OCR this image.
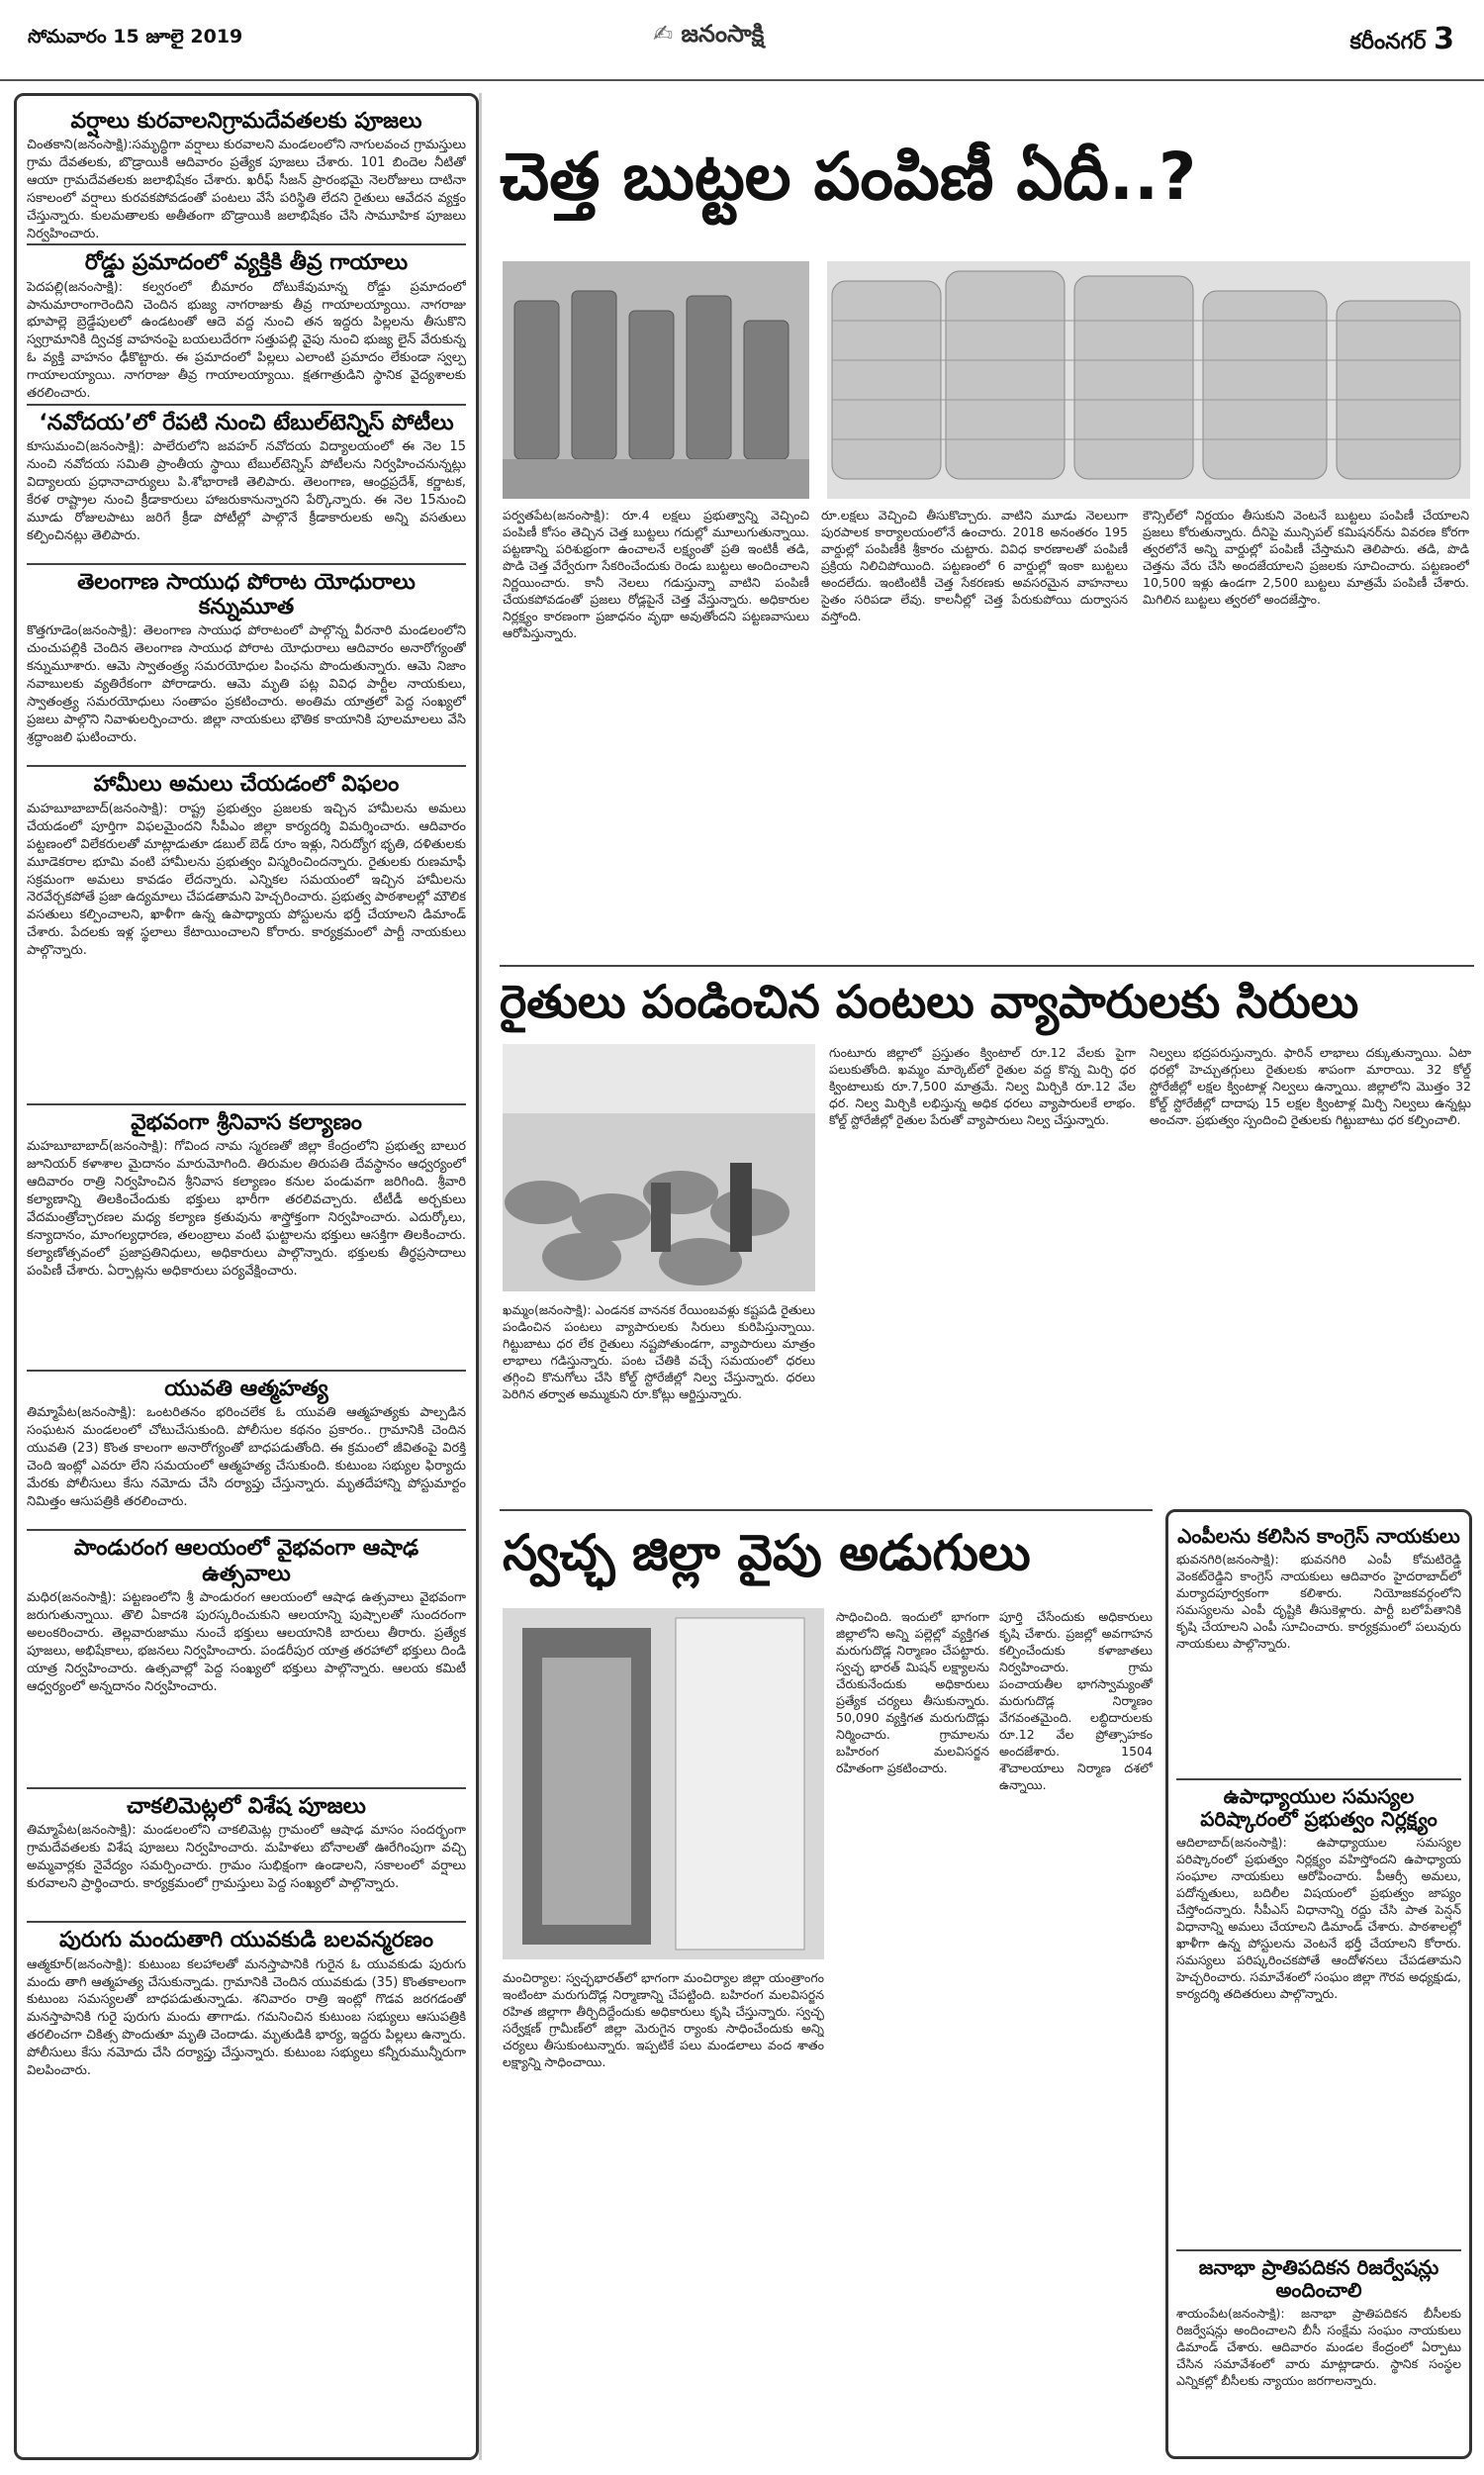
సోమవారం 15 జూలై 2019
✍	జనంసాక్షి	కరీంనగర్ 3
వర్షాలు కురవాలనిగ్రామదేవతలకు పూజలు
చింతకాని(జనంసాక్షి):సమృద్ధిగా వర్షాలు కురవాలని మండలంలోని నాగులవంచ గ్రామస్తులు గ్రామ దేవతలకు, బొడ్రాయికి ఆదివారం ప్రత్యేక పూజలు చేశారు. 101 బిందెల నీటితో ఆయా గ్రామదేవతలకు జలాభిషేకం చేశారు. ఖరీఫ్ సీజన్ ప్రారంభమై నెలరోజులు దాటినా సకాలంలో వర్షాలు కురవకపోవడంతో పంటలు వేసే పరిస్థితి లేదని రైతులు ఆవేదన వ్యక్తం చేస్తున్నారు. కులమతాలకు అతీతంగా బొడ్రాయికి జలాభిషేకం చేసి సామూహిక పూజలు నిర్వహించారు.
రోడ్డు ప్రమాదంలో వ్యక్తికి తీవ్ర గాయాలు
పెదపల్లి(జనంసాక్షి): కల్వరంలో బీమారం దోటుకేవుమాన్న రోడ్డు ప్రమాదంలో పానుమారాంగారెందిని చెందిన భుజ్య నాగరాజుకు తీవ్ర గాయాలయ్యాయి. నాగరాజు భూపాల్లె బ్రెడ్డేపులలో ఉండటంతో ఆదె వద్ద నుంచి తన ఇద్దరు పిల్లలను తీసుకొని స్వగ్రామానికి ద్విచక్ర వాహనంపై బయలుదేరగా సత్తుపల్లి వైపు నుంచి భుజ్య లైన్ వేరుకున్న ఓ వ్యక్తి వాహనం ఢీకొట్టారు. ఈ ప్రమాదంలో పిల్లలు ఎలాంటి ప్రమాదం లేకుండా స్వల్ప గాయాలయ్యాయి. నాగరాజు తీవ్ర గాయాలయ్యాయి. క్షతగాత్రుడిని స్థానిక వైద్యశాలకు తరలించారు.
‘నవోదయ’లో రేపటి నుంచి టేబుల్‌టెన్నిస్ పోటీలు
కూసుమంచి(జనంసాక్షి): పాలేరులోని జవహర్ నవోదయ విద్యాలయంలో ఈ నెల 15 నుంచి నవోదయ సమితి ప్రాంతీయ స్థాయి టేబుల్‌టెన్నిస్ పోటీలను నిర్వహించనున్నట్లు విద్యాలయ ప్రధానాచార్యులు పి.శోభారాణి తెలిపారు. తెలంగాణ, ఆంధ్రప్రదేశ్, కర్ణాటక, కేరళ రాష్ట్రాల నుంచి క్రీడాకారులు హాజరుకానున్నారని పేర్కొన్నారు. ఈ నెల 15నుంచి మూడు రోజులపాటు జరిగే క్రీడా పోటీల్లో పాల్గొనే క్రీడాకారులకు అన్ని వసతులు కల్పించినట్లు తెలిపారు.
తెలంగాణ సాయుధ పోరాట యోధురాలు కన్నుమూత
కొత్తగూడెం(జనంసాక్షి): తెలంగాణ సాయుధ పోరాటంలో పాల్గొన్న వీరనారి మండలంలోని చుంచుపల్లికి చెందిన తెలంగాణ సాయుధ పోరాట యోధురాలు ఆదివారం అనారోగ్యంతో కన్నుమూశారు. ఆమె స్వాతంత్ర్య సమరయోధుల పింఛను పొందుతున్నారు. ఆమె నిజాం నవాబులకు వ్యతిరేకంగా పోరాడారు. ఆమె మృతి పట్ల వివిధ పార్టీల నాయకులు, స్వాతంత్ర్య సమరయోధులు సంతాపం ప్రకటించారు. అంతిమ యాత్రలో పెద్ద సంఖ్యలో ప్రజలు పాల్గొని నివాళులర్పించారు. జిల్లా నాయకులు భౌతిక కాయానికి పూలమాలలు వేసి శ్రద్ధాంజలి ఘటించారు.
హామీలు అమలు చేయడంలో విఫలం
మహబూబాబాద్(జనంసాక్షి): రాష్ట్ర ప్రభుత్వం ప్రజలకు ఇచ్చిన హామీలను అమలు చేయడంలో పూర్తిగా విఫలమైందని సీపీఎం జిల్లా కార్యదర్శి విమర్శించారు. ఆదివారం పట్టణంలో విలేకరులతో మాట్లాడుతూ డబుల్ బెడ్ రూం ఇళ్లు, నిరుద్యోగ భృతి, దళితులకు మూడెకరాల భూమి వంటి హామీలను ప్రభుత్వం విస్మరించిందన్నారు. రైతులకు రుణమాఫీ సక్రమంగా అమలు కావడం లేదన్నారు. ఎన్నికల సమయంలో ఇచ్చిన హామీలను నెరవేర్చకపోతే ప్రజా ఉద్యమాలు చేపడతామని హెచ్చరించారు. ప్రభుత్వ పాఠశాలల్లో మౌలిక వసతులు కల్పించాలని, ఖాళీగా ఉన్న ఉపాధ్యాయ పోస్టులను భర్తీ చేయాలని డిమాండ్ చేశారు. పేదలకు ఇళ్ల స్థలాలు కేటాయించాలని కోరారు. కార్యక్రమంలో పార్టీ నాయకులు పాల్గొన్నారు.
వైభవంగా శ్రీనివాస కల్యాణం
మహబూబాబాద్(జనంసాక్షి): గోవింద నామ స్మరణతో జిల్లా కేంద్రంలోని ప్రభుత్వ బాలుర జూనియర్ కళాశాల మైదానం మారుమోగింది. తిరుమల తిరుపతి దేవస్థానం ఆధ్వర్యంలో ఆదివారం రాత్రి నిర్వహించిన శ్రీనివాస కల్యాణం కనుల పండువగా జరిగింది. శ్రీవారి కల్యాణాన్ని తిలకించేందుకు భక్తులు భారీగా తరలివచ్చారు. టీటీడీ అర్చకులు వేదమంత్రోచ్ఛారణల మధ్య కల్యాణ క్రతువును శాస్త్రోక్తంగా నిర్వహించారు. ఎదుర్కోలు, కన్యాదానం, మాంగల్యధారణ, తలంబ్రాలు వంటి ఘట్టాలను భక్తులు ఆసక్తిగా తిలకించారు. కల్యాణోత్సవంలో ప్రజాప్రతినిధులు, అధికారులు పాల్గొన్నారు. భక్తులకు తీర్థప్రసాదాలు పంపిణీ చేశారు. ఏర్పాట్లను అధికారులు పర్యవేక్షించారు.
యువతి ఆత్మహత్య
తిమ్మాపేట(జనంసాక్షి): ఒంటరితనం భరించలేక ఓ యువతి ఆత్మహత్యకు పాల్పడిన సంఘటన మండలంలో చోటుచేసుకుంది. పోలీసుల కథనం ప్రకారం.. గ్రామానికి చెందిన యువతి (23) కొంత కాలంగా అనారోగ్యంతో బాధపడుతోంది. ఈ క్రమంలో జీవితంపై విరక్తి చెంది ఇంట్లో ఎవరూ లేని సమయంలో ఆత్మహత్య చేసుకుంది. కుటుంబ సభ్యుల ఫిర్యాదు మేరకు పోలీసులు కేసు నమోదు చేసి దర్యాప్తు చేస్తున్నారు. మృతదేహాన్ని పోస్టుమార్టం నిమిత్తం ఆసుపత్రికి తరలించారు.
పాండురంగ ఆలయంలో వైభవంగా ఆషాఢ ఉత్సవాలు
మధిర(జనంసాక్షి): పట్టణంలోని శ్రీ పాండురంగ ఆలయంలో ఆషాఢ ఉత్సవాలు వైభవంగా జరుగుతున్నాయి. తొలి ఏకాదశి పురస్కరించుకుని ఆలయాన్ని పుష్పాలతో సుందరంగా అలంకరించారు. తెల్లవారుజాము నుంచే భక్తులు ఆలయానికి బారులు తీరారు. ప్రత్యేక పూజలు, అభిషేకాలు, భజనలు నిర్వహించారు. పండరీపుర యాత్ర తరహాలో భక్తులు దిండి యాత్ర నిర్వహించారు. ఉత్సవాల్లో పెద్ద సంఖ్యలో భక్తులు పాల్గొన్నారు. ఆలయ కమిటీ ఆధ్వర్యంలో అన్నదానం నిర్వహించారు.
చాకలిమెట్లలో విశేష పూజలు
తిమ్మాపేట(జనంసాక్షి): మండలంలోని చాకలిమెట్ల గ్రామంలో ఆషాఢ మాసం సందర్భంగా గ్రామదేవతలకు విశేష పూజలు నిర్వహించారు. మహిళలు బోనాలతో ఊరేగింపుగా వచ్చి అమ్మవార్లకు నైవేద్యం సమర్పించారు. గ్రామం సుభిక్షంగా ఉండాలని, సకాలంలో వర్షాలు కురవాలని ప్రార్థించారు. కార్యక్రమంలో గ్రామస్తులు పెద్ద సంఖ్యలో పాల్గొన్నారు.
పురుగు మందుతాగి యువకుడి బలవన్మరణం
ఆత్మకూర్(జనంసాక్షి): కుటుంబ కలహాలతో మనస్తాపానికి గురైన ఓ యువకుడు పురుగు మందు తాగి ఆత్మహత్య చేసుకున్నాడు. గ్రామానికి చెందిన యువకుడు (35) కొంతకాలంగా కుటుంబ సమస్యలతో బాధపడుతున్నాడు. శనివారం రాత్రి ఇంట్లో గొడవ జరగడంతో మనస్తాపానికి గురై పురుగు మందు తాగాడు. గమనించిన కుటుంబ సభ్యులు ఆసుపత్రికి తరలించగా చికిత్స పొందుతూ మృతి చెందాడు. మృతుడికి భార్య, ఇద్దరు పిల్లలు ఉన్నారు. పోలీసులు కేసు నమోదు చేసి దర్యాప్తు చేస్తున్నారు. కుటుంబ సభ్యులు కన్నీరుమున్నీరుగా విలపించారు.
చెత్త బుట్టల పంపిణీ ఏదీ..?
పర్వతపేట(జనంసాక్షి): రూ.4 లక్షలు ప్రభుత్వాన్ని వెచ్చించి పంపిణీ కోసం తెచ్చిన చెత్త బుట్టలు గదుల్లో మూలుగుతున్నాయి. పట్టణాన్ని పరిశుభ్రంగా ఉంచాలనే లక్ష్యంతో ప్రతి ఇంటికీ తడి, పొడి చెత్త వేర్వేరుగా సేకరించేందుకు రెండు బుట్టలు అందించాలని నిర్ణయించారు. కానీ నెలలు గడుస్తున్నా వాటిని పంపిణీ చేయకపోవడంతో ప్రజలు రోడ్లపైనే చెత్త వేస్తున్నారు. అధికారుల నిర్లక్ష్యం కారణంగా ప్రజాధనం వృథా అవుతోందని పట్టణవాసులు ఆరోపిస్తున్నారు.
రూ.లక్షలు వెచ్చించి తీసుకొచ్చారు. వాటిని మూడు నెలలుగా పురపాలక కార్యాలయంలోనే ఉంచారు. 2018 అనంతరం 195 వార్డుల్లో పంపిణీకి శ్రీకారం చుట్టారు. వివిధ కారణాలతో పంపిణీ ప్రక్రియ నిలిచిపోయింది. పట్టణంలో 6 వార్డుల్లో ఇంకా బుట్టలు అందలేదు. ఇంటింటికీ చెత్త సేకరణకు అవసరమైన వాహనాలు సైతం సరిపడా లేవు. కాలనీల్లో చెత్త పేరుకుపోయి దుర్వాసన వస్తోంది.
కౌన్సిల్‌లో నిర్ణయం తీసుకుని వెంటనే బుట్టలు పంపిణీ చేయాలని ప్రజలు కోరుతున్నారు. దీనిపై మున్సిపల్ కమిషనర్‌ను వివరణ కోరగా త్వరలోనే అన్ని వార్డుల్లో పంపిణీ చేస్తామని తెలిపారు. తడి, పొడి చెత్తను వేరు చేసి అందజేయాలని ప్రజలకు సూచించారు. పట్టణంలో 10,500 ఇళ్లు ఉండగా 2,500 బుట్టలు మాత్రమే పంపిణీ చేశారు. మిగిలిన బుట్టలు త్వరలో అందజేస్తాం.
రైతులు పండించిన పంటలు వ్యాపారులకు సిరులు
ఖమ్మం(జనంసాక్షి): ఎండనక వాననక రేయింబవళ్లు కష్టపడి రైతులు పండించిన పంటలు వ్యాపారులకు సిరులు కురిపిస్తున్నాయి. గిట్టుబాటు ధర లేక రైతులు నష్టపోతుండగా, వ్యాపారులు మాత్రం లాభాలు గడిస్తున్నారు. పంట చేతికి వచ్చే సమయంలో ధరలు తగ్గించి కొనుగోలు చేసి కోల్డ్ స్టోరేజీల్లో నిల్వ చేస్తున్నారు. ధరలు పెరిగిన తర్వాత అమ్ముకుని రూ.కోట్లు ఆర్జిస్తున్నారు.
గుంటూరు జిల్లాలో ప్రస్తుతం క్వింటాల్ రూ.12 వేలకు పైగా పలుకుతోంది. ఖమ్మం మార్కెట్‌లో రైతుల వద్ద కొన్న మిర్చి ధర క్వింటాలుకు రూ.7,500 మాత్రమే. నిల్వ మిర్చికి రూ.12 వేల ధర. నిల్వ మిర్చికి లభిస్తున్న అధిక ధరలు వ్యాపారులకే లాభం. కోల్డ్ స్టోరేజీల్లో రైతుల పేరుతో వ్యాపారులు నిల్వ చేస్తున్నారు.
నిల్వలు భద్రపరుస్తున్నారు. ఫారిన్ లాభాలు దక్కుతున్నాయి. ఏటా ధరల్లో హెచ్చుతగ్గులు రైతులకు శాపంగా మారాయి. 32 కోల్డ్ స్టోరేజీల్లో లక్షల క్వింటాళ్ల నిల్వలు ఉన్నాయి. జిల్లాలోని మొత్తం 32 కోల్డ్ స్టోరేజీల్లో దాదాపు 15 లక్షల క్వింటాళ్ల మిర్చి నిల్వలు ఉన్నట్లు అంచనా. ప్రభుత్వం స్పందించి రైతులకు గిట్టుబాటు ధర కల్పించాలి.
స్వచ్ఛ జిల్లా వైపు అడుగులు
మంచిర్యాల: స్వచ్ఛభారత్‌లో భాగంగా మంచిర్యాల జిల్లా యంత్రాంగం ఇంటింటా మరుగుదొడ్ల నిర్మాణాన్ని చేపట్టింది. బహిరంగ మలవిసర్జన రహిత జిల్లాగా తీర్చిదిద్దేందుకు అధికారులు కృషి చేస్తున్నారు. స్వచ్ఛ సర్వేక్షణ్ గ్రామీణ్‌లో జిల్లా మెరుగైన ర్యాంకు సాధించేందుకు అన్ని చర్యలు తీసుకుంటున్నారు. ఇప్పటికే పలు మండలాలు వంద శాతం లక్ష్యాన్ని సాధించాయి.
సాధించింది. ఇందులో భాగంగా జిల్లాలోని అన్ని పల్లెల్లో వ్యక్తిగత మరుగుదొడ్ల నిర్మాణం చేపట్టారు. స్వచ్ఛ భారత్ మిషన్ లక్ష్యాలను చేరుకునేందుకు అధికారులు ప్రత్యేక చర్యలు తీసుకున్నారు. 50,090 వ్యక్తిగత మరుగుదొడ్లు నిర్మించారు. గ్రామాలను బహిరంగ మలవిసర్జన రహితంగా ప్రకటించారు.
పూర్తి చేసేందుకు అధికారులు కృషి చేశారు. ప్రజల్లో అవగాహన కల్పించేందుకు కళాజాతలు నిర్వహించారు. గ్రామ పంచాయతీల భాగస్వామ్యంతో మరుగుదొడ్ల నిర్మాణం వేగవంతమైంది. లబ్ధిదారులకు రూ.12 వేల ప్రోత్సాహకం అందజేశారు. 1504 శౌచాలయాలు నిర్మాణ దశలో ఉన్నాయి.
ఎంపీలను కలిసిన కాంగ్రెస్ నాయకులు
భువనగిరి(జనంసాక్షి): భువనగిరి ఎంపీ కోమటిరెడ్డి వెంకట్‌రెడ్డిని కాంగ్రెస్ నాయకులు ఆదివారం హైదరాబాద్‌లో మర్యాదపూర్వకంగా కలిశారు. నియోజకవర్గంలోని సమస్యలను ఎంపీ దృష్టికి తీసుకెళ్లారు. పార్టీ బలోపేతానికి కృషి చేయాలని ఎంపీ సూచించారు. కార్యక్రమంలో పలువురు నాయకులు పాల్గొన్నారు.
ఉపాధ్యాయుల సమస్యల పరిష్కారంలో ప్రభుత్వం నిర్లక్ష్యం
ఆదిలాబాద్(జనంసాక్షి): ఉపాధ్యాయుల సమస్యల పరిష్కారంలో ప్రభుత్వం నిర్లక్ష్యం వహిస్తోందని ఉపాధ్యాయ సంఘాల నాయకులు ఆరోపించారు. పీఆర్సీ అమలు, పదోన్నతులు, బదిలీల విషయంలో ప్రభుత్వం జాప్యం చేస్తోందన్నారు. సీపీఎస్ విధానాన్ని రద్దు చేసి పాత పెన్షన్ విధానాన్ని అమలు చేయాలని డిమాండ్ చేశారు. పాఠశాలల్లో ఖాళీగా ఉన్న పోస్టులను వెంటనే భర్తీ చేయాలని కోరారు. సమస్యలు పరిష్కరించకపోతే ఆందోళనలు చేపడతామని హెచ్చరించారు. సమావేశంలో సంఘం జిల్లా గౌరవ అధ్యక్షుడు, కార్యదర్శి తదితరులు పాల్గొన్నారు.
జనాభా ప్రాతిపదికన రిజర్వేషన్లు అందించాలి
శాయంపేట(జనంసాక్షి): జనాభా ప్రాతిపదికన బీసీలకు రిజర్వేషన్లు అందించాలని బీసీ సంక్షేమ సంఘం నాయకులు డిమాండ్ చేశారు. ఆదివారం మండల కేంద్రంలో ఏర్పాటు చేసిన సమావేశంలో వారు మాట్లాడారు. స్థానిక సంస్థల ఎన్నికల్లో బీసీలకు న్యాయం జరగాలన్నారు.
